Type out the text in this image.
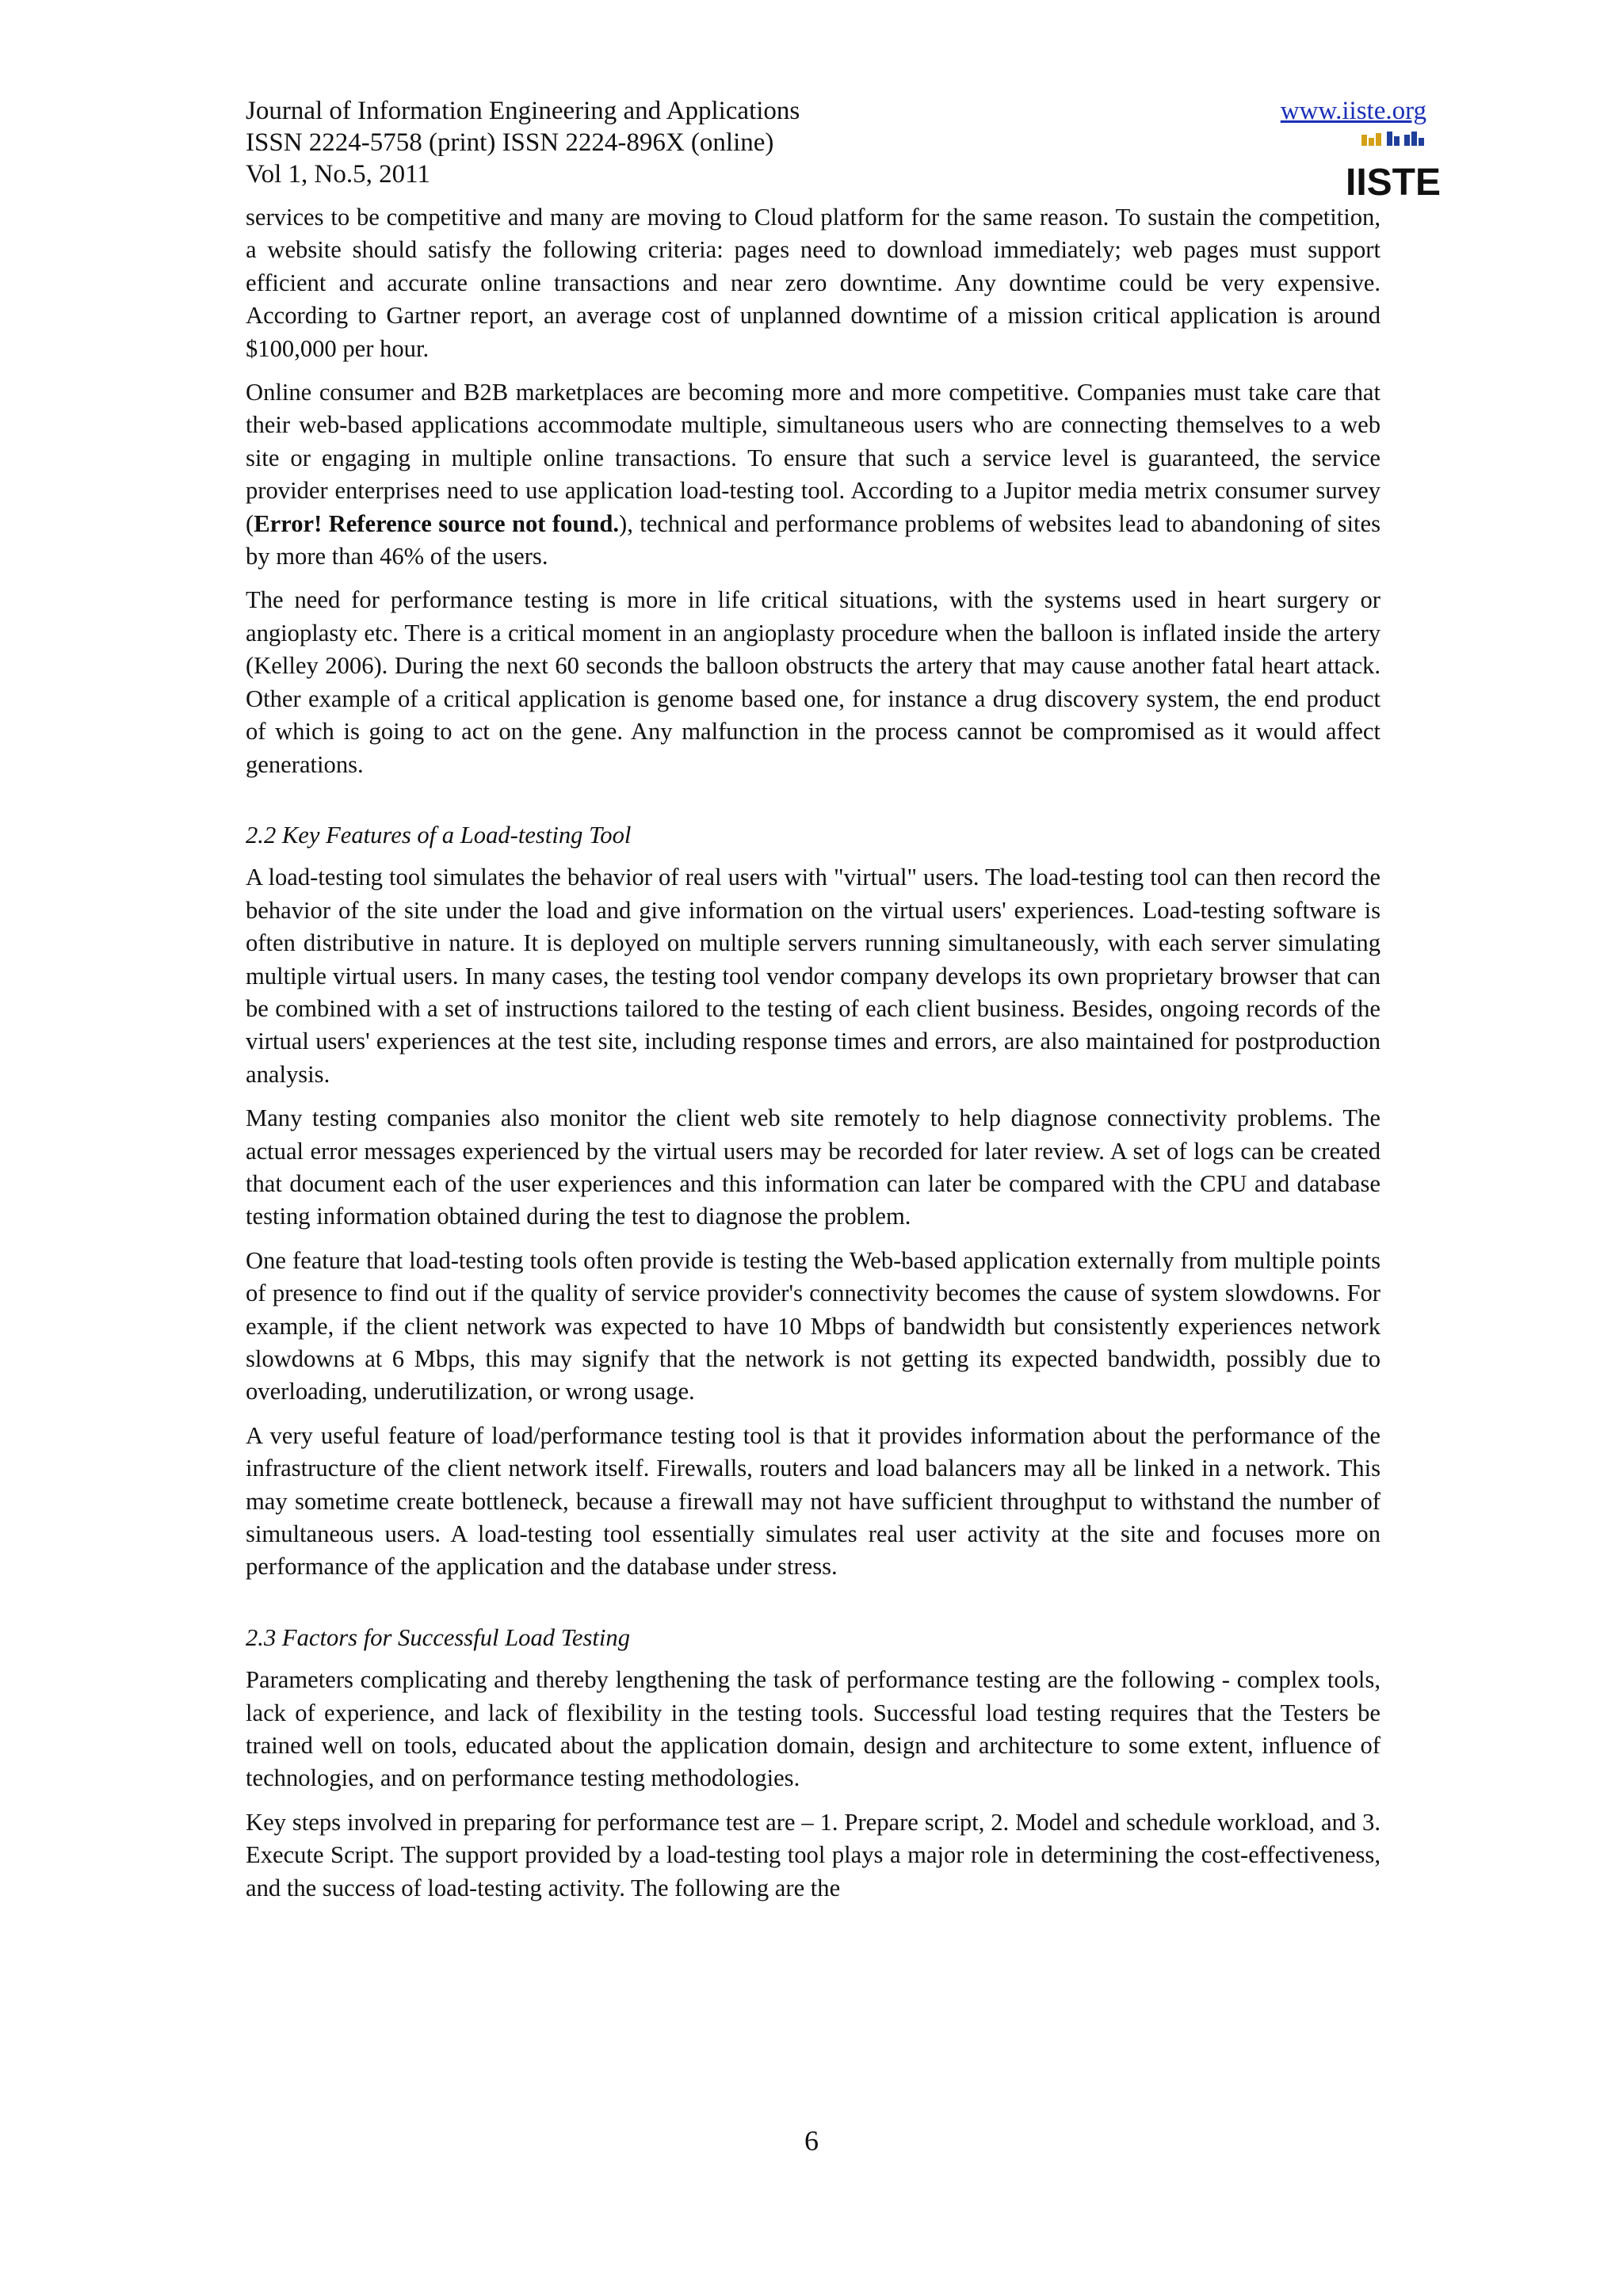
Journal of Information Engineering and Applications
ISSN 2224-5758 (print) ISSN 2224-896X (online)
Vol 1, No.5, 2011
www.iiste.org
IISTE

services to be competitive and many are moving to Cloud platform for the same reason. To sustain the competition, a website should satisfy the following criteria: pages need to download immediately; web pages must support efficient and accurate online transactions and near zero downtime. Any downtime could be very expensive. According to Gartner report, an average cost of unplanned downtime of a mission critical application is around $100,000 per hour.

Online consumer and B2B marketplaces are becoming more and more competitive. Companies must take care that their web-based applications accommodate multiple, simultaneous users who are connecting themselves to a web site or engaging in multiple online transactions. To ensure that such a service level is guaranteed, the service provider enterprises need to use application load-testing tool. According to a Jupitor media metrix consumer survey (Error! Reference source not found.), technical and performance problems of websites lead to abandoning of sites by more than 46% of the users.

The need for performance testing is more in life critical situations, with the systems used in heart surgery or angioplasty etc. There is a critical moment in an angioplasty procedure when the balloon is inflated inside the artery (Kelley 2006). During the next 60 seconds the balloon obstructs the artery that may cause another fatal heart attack. Other example of a critical application is genome based one, for instance a drug discovery system, the end product of which is going to act on the gene. Any malfunction in the process cannot be compromised as it would affect generations.

2.2 Key Features of a Load-testing Tool

A load-testing tool simulates the behavior of real users with "virtual" users. The load-testing tool can then record the behavior of the site under the load and give information on the virtual users' experiences. Load-testing software is often distributive in nature. It is deployed on multiple servers running simultaneously, with each server simulating multiple virtual users. In many cases, the testing tool vendor company develops its own proprietary browser that can be combined with a set of instructions tailored to the testing of each client business. Besides, ongoing records of the virtual users' experiences at the test site, including response times and errors, are also maintained for postproduction analysis.

Many testing companies also monitor the client web site remotely to help diagnose connectivity problems. The actual error messages experienced by the virtual users may be recorded for later review. A set of logs can be created that document each of the user experiences and this information can later be compared with the CPU and database testing information obtained during the test to diagnose the problem.

One feature that load-testing tools often provide is testing the Web-based application externally from multiple points of presence to find out if the quality of service provider's connectivity becomes the cause of system slowdowns. For example, if the client network was expected to have 10 Mbps of bandwidth but consistently experiences network slowdowns at 6 Mbps, this may signify that the network is not getting its expected bandwidth, possibly due to overloading, underutilization, or wrong usage.

A very useful feature of load/performance testing tool is that it provides information about the performance of the infrastructure of the client network itself. Firewalls, routers and load balancers may all be linked in a network. This may sometime create bottleneck, because a firewall may not have sufficient throughput to withstand the number of simultaneous users. A load-testing tool essentially simulates real user activity at the site and focuses more on performance of the application and the database under stress.

2.3 Factors for Successful Load Testing

Parameters complicating and thereby lengthening the task of performance testing are the following - complex tools, lack of experience, and lack of flexibility in the testing tools. Successful load testing requires that the Testers be trained well on tools, educated about the application domain, design and architecture to some extent, influence of technologies, and on performance testing methodologies.

Key steps involved in preparing for performance test are – 1. Prepare script, 2. Model and schedule workload, and 3. Execute Script. The support provided by a load-testing tool plays a major role in determining the cost-effectiveness, and the success of load-testing activity. The following are the

6
